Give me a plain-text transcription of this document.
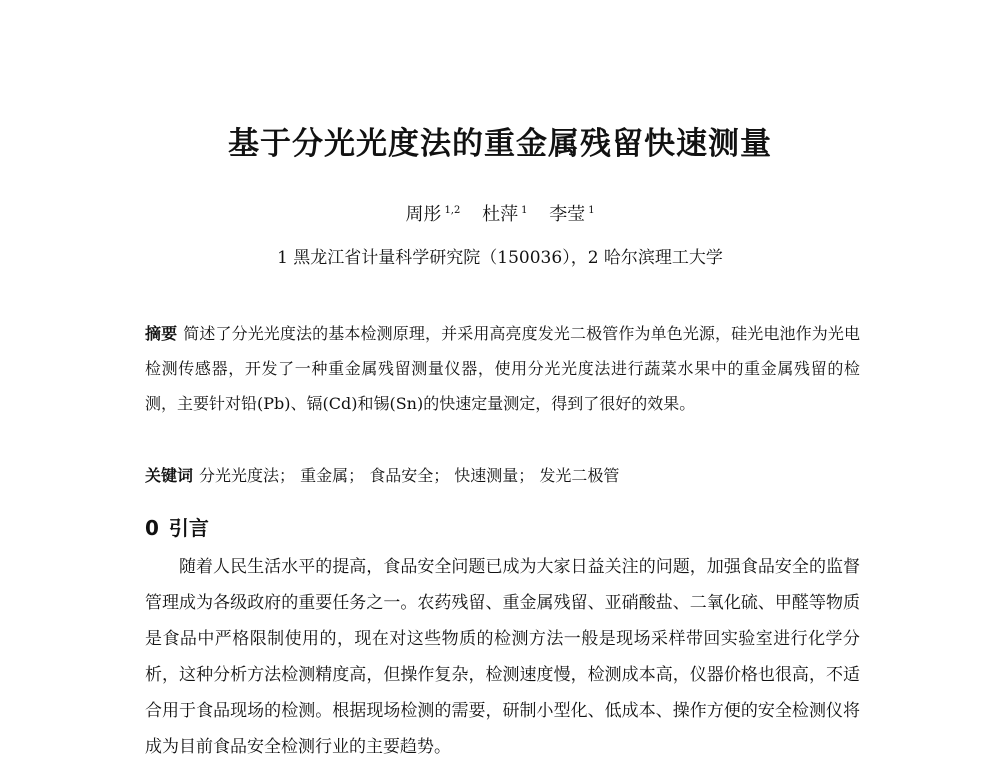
基于分光光度法的重金属残留快速测量
周彤 $^{1,2}$ 杜萍 $^1$ 李莹 $^1$
1 黑龙江省计量科学研究院（150036），2 哈尔滨理工大学

摘要 简述了分光光度法的基本检测原理，并采用高亮度发光二极管作为单色光源，硅光电池作为光电检测传感器，开发了一种重金属残留测量仪器，使用分光光度法进行蔬菜水果中的重金属残留的检测，主要针对铅(Pb)、镉(Cd)和锡(Sn)的快速定量测定，得到了很好的效果。

关键词 分光光度法； 重金属； 食品安全； 快速测量； 发光二极管
0 引言

随着人民生活水平的提高，食品安全问题已成为大家日益关注的问题，加强食品安全的监督管理成为各级政府的重要任务之一。农药残留、重金属残留、亚硝酸盐、二氧化硫、甲醛等物质是食品中严格限制使用的，现在对这些物质的检测方法一般是现场采样带回实验室进行化学分析，这种分析方法检测精度高，但操作复杂，检测速度慢，检测成本高，仪器价格也很高，不适合用于食品现场的检测。根据现场检测的需要，研制小型化、低成本、操作方便的安全检测仪将成为目前食品安全检测行业的主要趋势。
